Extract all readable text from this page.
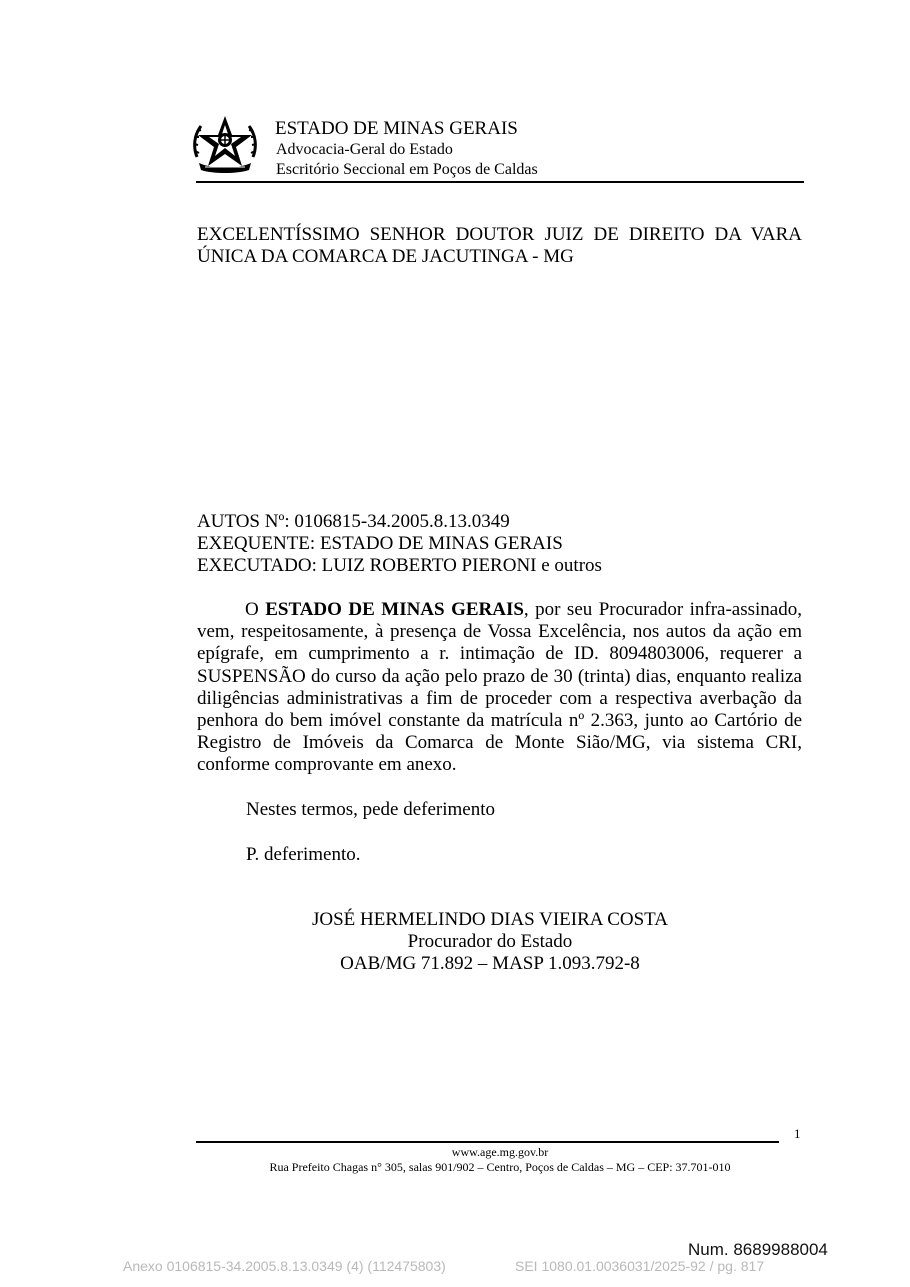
ESTADO DE MINAS GERAIS
Advocacia-Geral do Estado
Escritório Seccional em Poços de Caldas
EXCELENTÍSSIMO SENHOR DOUTOR JUIZ DE DIREITO DA VARA
ÚNICA DA COMARCA DE JACUTINGA - MG
AUTOS Nº: 0106815-34.2005.8.13.0349
EXEQUENTE: ESTADO DE MINAS GERAIS
EXECUTADO: LUIZ ROBERTO PIERONI e outros
O ESTADO DE MINAS GERAIS, por seu Procurador infra-assinado, vem, respeitosamente, à presença de Vossa Excelência, nos autos da ação em epígrafe, em cumprimento a r. intimação de ID. 8094803006, requerer a SUSPENSÃO do curso da ação pelo prazo de 30 (trinta) dias, enquanto realiza diligências administrativas a fim de proceder com a respectiva averbação da penhora do bem imóvel constante da matrícula nº 2.363, junto ao Cartório de Registro de Imóveis da Comarca de Monte Sião/MG, via sistema CRI, conforme comprovante em anexo.
Nestes termos, pede deferimento
P. deferimento.
JOSÉ HERMELINDO DIAS VIEIRA COSTA
Procurador do Estado
OAB/MG 71.892 – MASP 1.093.792-8
1
www.age.mg.gov.br
Rua Prefeito Chagas n° 305, salas 901/902 – Centro, Poços de Caldas – MG – CEP: 37.701-010
Num. 8689988004
Anexo 0106815-34.2005.8.13.0349 (4) (112475803)	SEI 1080.01.0036031/2025-92 / pg. 817
